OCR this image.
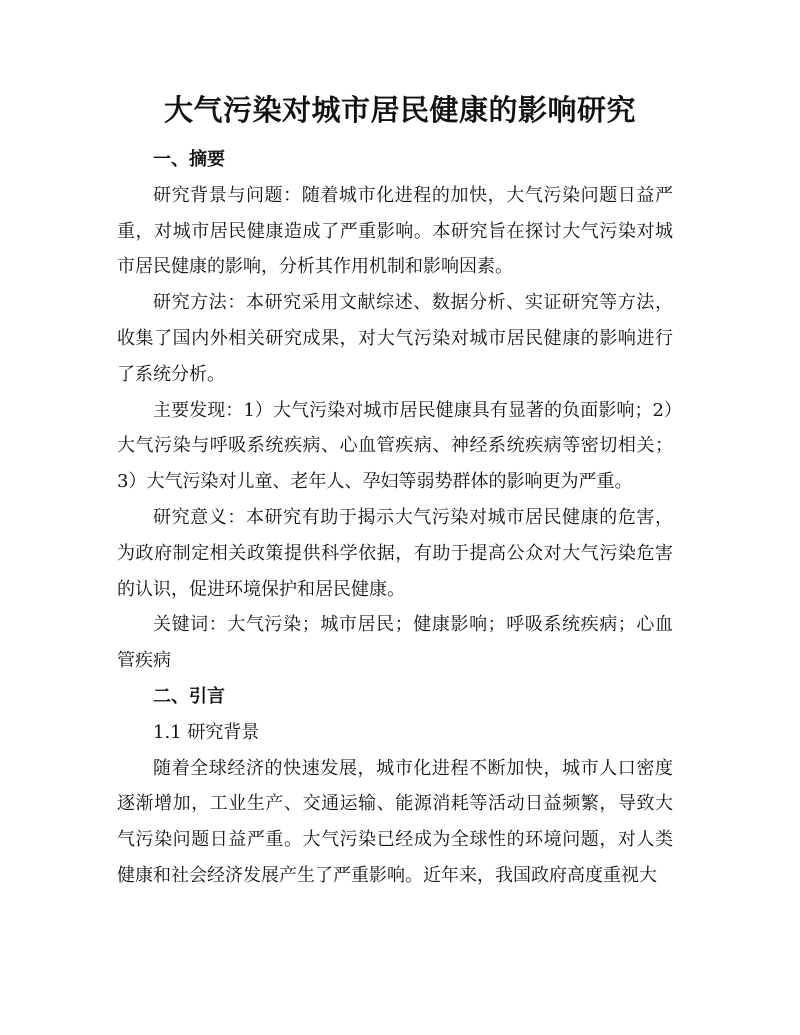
大气污染对城市居民健康的影响研究

一、摘要

研究背景与问题：随着城市化进程的加快，大气污染问题日益严重，对城市居民健康造成了严重影响。本研究旨在探讨大气污染对城市居民健康的影响，分析其作用机制和影响因素。

研究方法：本研究采用文献综述、数据分析、实证研究等方法，收集了国内外相关研究成果，对大气污染对城市居民健康的影响进行了系统分析。

主要发现：1）大气污染对城市居民健康具有显著的负面影响；2）大气污染与呼吸系统疾病、心血管疾病、神经系统疾病等密切相关；3）大气污染对儿童、老年人、孕妇等弱势群体的影响更为严重。

研究意义：本研究有助于揭示大气污染对城市居民健康的危害，为政府制定相关政策提供科学依据，有助于提高公众对大气污染危害的认识，促进环境保护和居民健康。

关键词：大气污染；城市居民；健康影响；呼吸系统疾病；心血管疾病

二、引言

1.1 研究背景

随着全球经济的快速发展，城市化进程不断加快，城市人口密度逐渐增加，工业生产、交通运输、能源消耗等活动日益频繁，导致大气污染问题日益严重。大气污染已经成为全球性的环境问题，对人类健康和社会经济发展产生了严重影响。近年来，我国政府高度重视大
